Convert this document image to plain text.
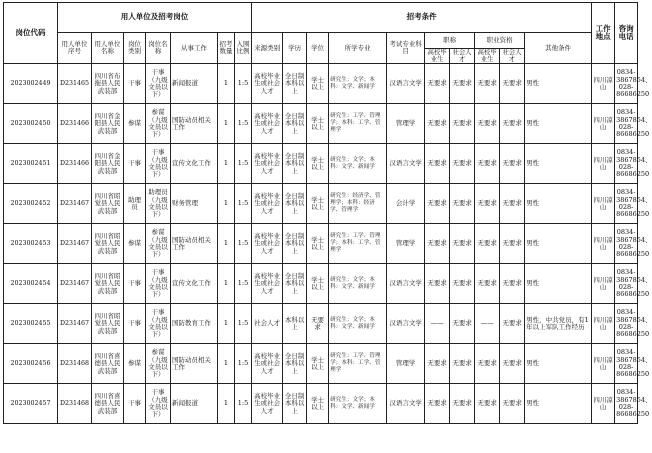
岗位代码	用人单位及招考岗位							招考条件										工作地点	咨询电话
	用人单位序号	用人单位名称	岗位类别	岗位名称	从事工作	招考数量	入围比例	来源类别	学历	学位	所学专业	考试专业科目	职称		职业资格		其他条件		
													高校毕业生	社会人才	高校毕业生	社会人才			
2023002449	D231465	四川省布拖县人民武装部	干事	干事（九级文员以下）	新闻报道	1	1:5	高校毕业生或社会人才	全日制本科以上	学士以上	研究生：文学；本科：文学、新闻学	汉语言文学	无要求	无要求	无要求	无要求	男性	四川凉山	0834-3867854、028-86686250
2023002450	D231466	四川省金阳县人民武装部	参谋	参谋（九级文员以下）	国防动员相关工作	1	1:5	高校毕业生或社会人才	全日制本科以上	学士以上	研究生：工学、管理学；本科：工学、管理学	管理学	无要求	无要求	无要求	无要求	男性	四川凉山	0834-3867854、028-86686250
2023002451	D231466	四川省金阳县人民武装部	干事	干事（九级文员以下）	宣传文化工作	1	1:5	高校毕业生或社会人才	全日制本科以上	学士以上	研究生：文学；本科：文学、新闻学	汉语言文学	无要求	无要求	无要求	无要求	男性	四川凉山	0834-3867854、028-86686250
2023002452	D231467	四川省昭觉县人民武装部	助理员	助理员（九级文员以下）	财务管理	1	1:5	高校毕业生或社会人才	全日制本科以上	学士以上	研究生：经济学、管理学；本科：经济学、管理学	会计学	无要求	无要求	无要求	无要求	男性	四川凉山	0834-3867854、028-86686250
2023002453	D231467	四川省昭觉县人民武装部	参谋	参谋（九级文员以下）	国防动员相关工作	1	1:5	高校毕业生或社会人才	全日制本科以上	学士以上	研究生：工学、管理学；本科：工学、管理学	管理学	无要求	无要求	无要求	无要求	男性	四川凉山	0834-3867854、028-86686250
2023002454	D231467	四川省昭觉县人民武装部	干事	干事（九级文员以下）	宣传文化工作	1	1:5	高校毕业生或社会人才	全日制本科以上	学士以上	研究生：文学；本科：文学、新闻学	汉语言文学	无要求	无要求	无要求	无要求	男性	四川凉山	0834-3867854、028-86686250
2023002455	D231467	四川省昭觉县人民武装部	干事	干事（九级文员以下）	国防教育工作	1	1:5	社会人才	本科以上	无要求	研究生：文学；本科：文学、新闻学	汉语言文学	——	无要求	——	无要求	男性，中共党员，有1年以上军队工作经历	四川凉山	0834-3867854、028-86686250
2023002456	D231468	四川省喜德县人民武装部	参谋	参谋（九级文员以下）	国防动员相关工作	1	1:5	高校毕业生或社会人才	全日制本科以上	学士以上	研究生：工学、管理学；本科：工学、管理学	管理学	无要求	无要求	无要求	无要求	男性	四川凉山	0834-3867854、028-86686250
2023002457	D231468	四川省喜德县人民武装部	干事	干事（九级文员以下）	新闻报道	1	1:5	高校毕业生或社会人才	全日制本科以上	学士以上	研究生：文学；本科：文学、新闻学	汉语言文学	无要求	无要求	无要求	无要求	男性	四川凉山	0834-3867854、028-86686250
